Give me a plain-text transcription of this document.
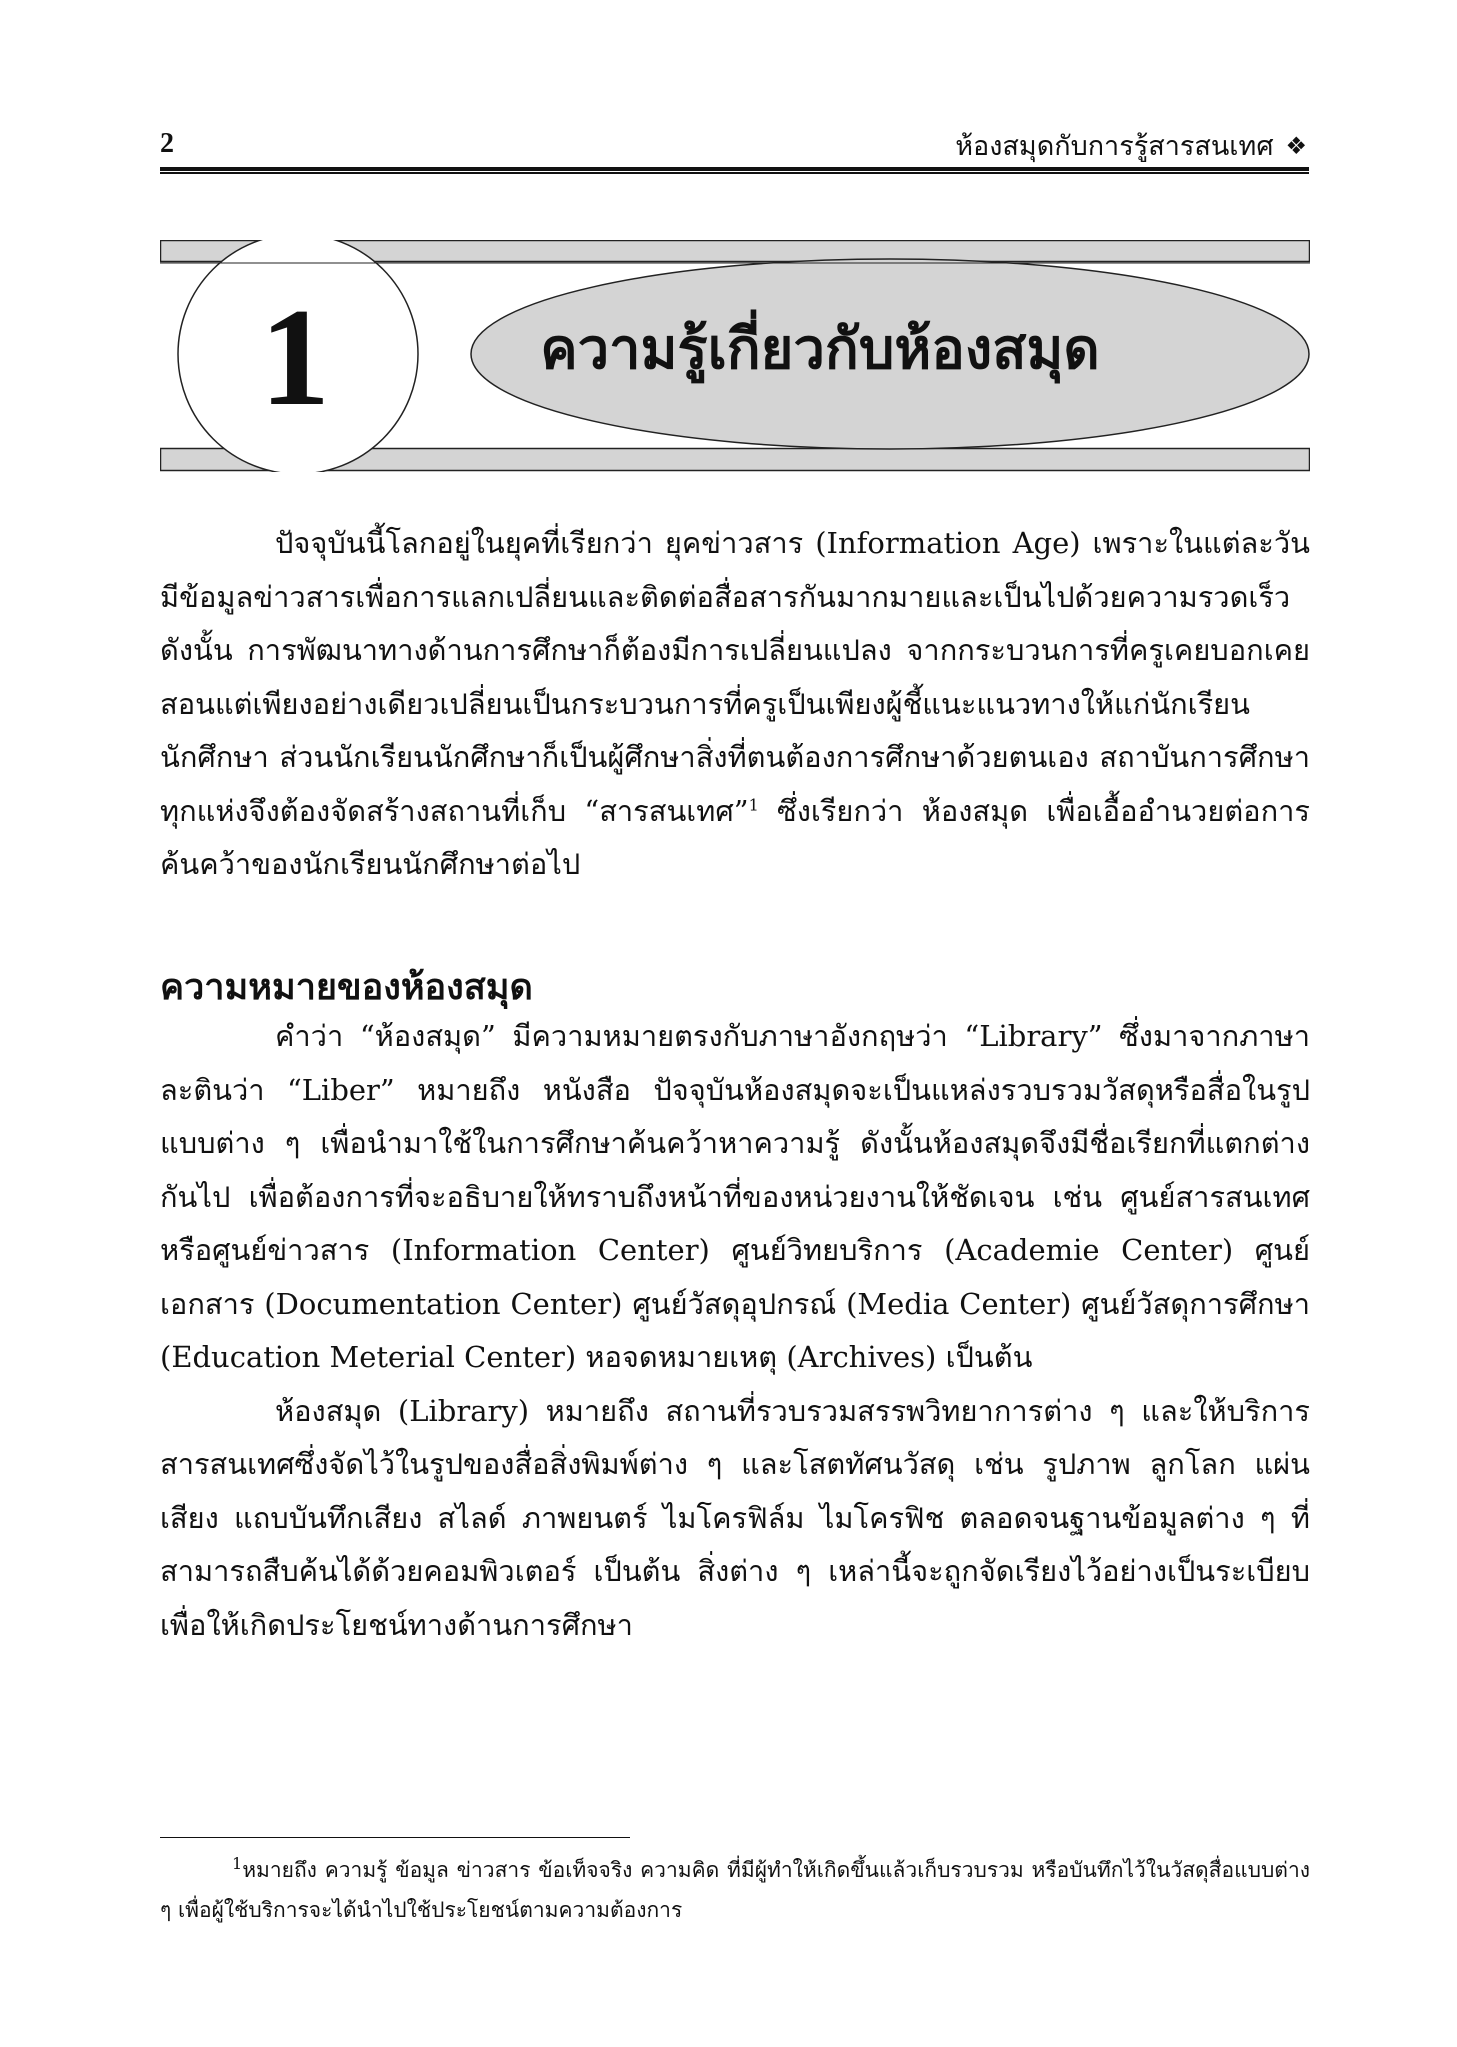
2	ห้องสมุดกับการรู้สารสนเทศ ❖
1	ความรู้เกี่ยวกับห้องสมุด

ปัจจุบันนี้โลกอยู่ในยุคที่เรียกว่า ยุคข่าวสาร (Information Age) เพราะในแต่ละวันมีข้อมูลข่าวสารเพื่อการแลกเปลี่ยนและติดต่อสื่อสารกันมากมายและเป็นไปด้วยความรวดเร็ว ดังนั้น การพัฒนาทางด้านการศึกษาก็ต้องมีการเปลี่ยนแปลง จากกระบวนการที่ครูเคยบอกเคยสอนแต่เพียงอย่างเดียวเปลี่ยนเป็นกระบวนการที่ครูเป็นเพียงผู้ชี้แนะแนวทางให้แก่นักเรียนนักศึกษา ส่วนนักเรียนนักศึกษาก็เป็นผู้ศึกษาสิ่งที่ตนต้องการศึกษาด้วยตนเอง สถาบันการศึกษาทุกแห่งจึงต้องจัดสร้างสถานที่เก็บ “สารสนเทศ”$^1$ ซึ่งเรียกว่า ห้องสมุด เพื่อเอื้ออำนวยต่อการค้นคว้าของนักเรียนนักศึกษาต่อไป

ความหมายของห้องสมุด

คำว่า “ห้องสมุด” มีความหมายตรงกับภาษาอังกฤษว่า “Library” ซึ่งมาจากภาษาละตินว่า “Liber” หมายถึง หนังสือ ปัจจุบันห้องสมุดจะเป็นแหล่งรวบรวมวัสดุหรือสื่อในรูปแบบต่าง ๆ เพื่อนำมาใช้ในการศึกษาค้นคว้าหาความรู้ ดังนั้นห้องสมุดจึงมีชื่อเรียกที่แตกต่างกันไป เพื่อต้องการที่จะอธิบายให้ทราบถึงหน้าที่ของหน่วยงานให้ชัดเจน เช่น ศูนย์สารสนเทศ หรือศูนย์ข่าวสาร (Information Center) ศูนย์วิทยบริการ (Academie Center) ศูนย์เอกสาร (Documentation Center) ศูนย์วัสดุอุปกรณ์ (Media Center) ศูนย์วัสดุการศึกษา (Education Meterial Center) หอจดหมายเหตุ (Archives) เป็นต้น

ห้องสมุด (Library) หมายถึง สถานที่รวบรวมสรรพวิทยาการต่าง ๆ และให้บริการสารสนเทศซึ่งจัดไว้ในรูปของสื่อสิ่งพิมพ์ต่าง ๆ และโสตทัศนวัสดุ เช่น รูปภาพ ลูกโลก แผ่นเสียง แถบบันทึกเสียง สไลด์ ภาพยนตร์ ไมโครฟิล์ม ไมโครฟิช ตลอดจนฐานข้อมูลต่าง ๆ ที่สามารถสืบค้นได้ด้วยคอมพิวเตอร์ เป็นต้น สิ่งต่าง ๆ เหล่านี้จะถูกจัดเรียงไว้อย่างเป็นระเบียบเพื่อให้เกิดประโยชน์ทางด้านการศึกษา

$^1$หมายถึง ความรู้ ข้อมูล ข่าวสาร ข้อเท็จจริง ความคิด ที่มีผู้ทำให้เกิดขึ้นแล้วเก็บรวบรวม หรือบันทึกไว้ในวัสดุสื่อแบบต่าง ๆ เพื่อผู้ใช้บริการจะได้นำไปใช้ประโยชน์ตามความต้องการ
